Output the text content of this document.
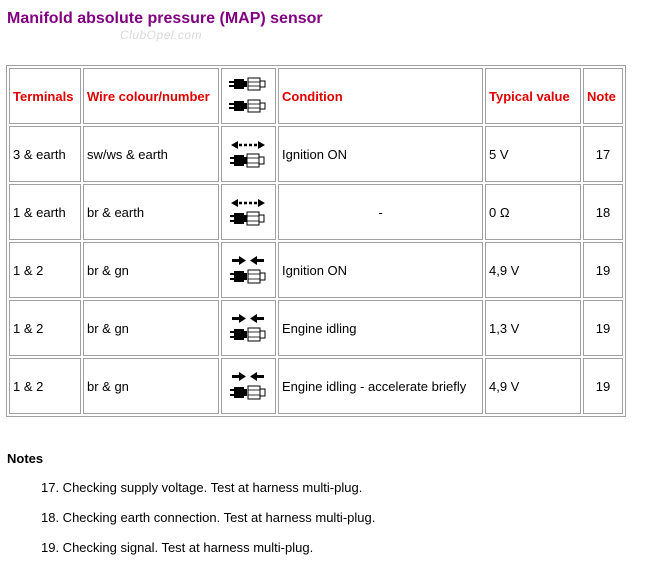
Manifold absolute pressure (MAP) sensor
ClubOpel.com
Terminals	Wire colour/number		Condition	Typical value	Note
3 & earth	sw/ws & earth		Ignition ON	5 V	17
1 & earth	br & earth		-	0 Ω	18
1 & 2	br & gn		Ignition ON	4,9 V	19
1 & 2	br & gn		Engine idling	1,3 V	19
1 & 2	br & gn		Engine idling - accelerate briefly	4,9 V	19
Notes
17. Checking supply voltage. Test at harness multi-plug.
18. Checking earth connection. Test at harness multi-plug.
19. Checking signal. Test at harness multi-plug.
